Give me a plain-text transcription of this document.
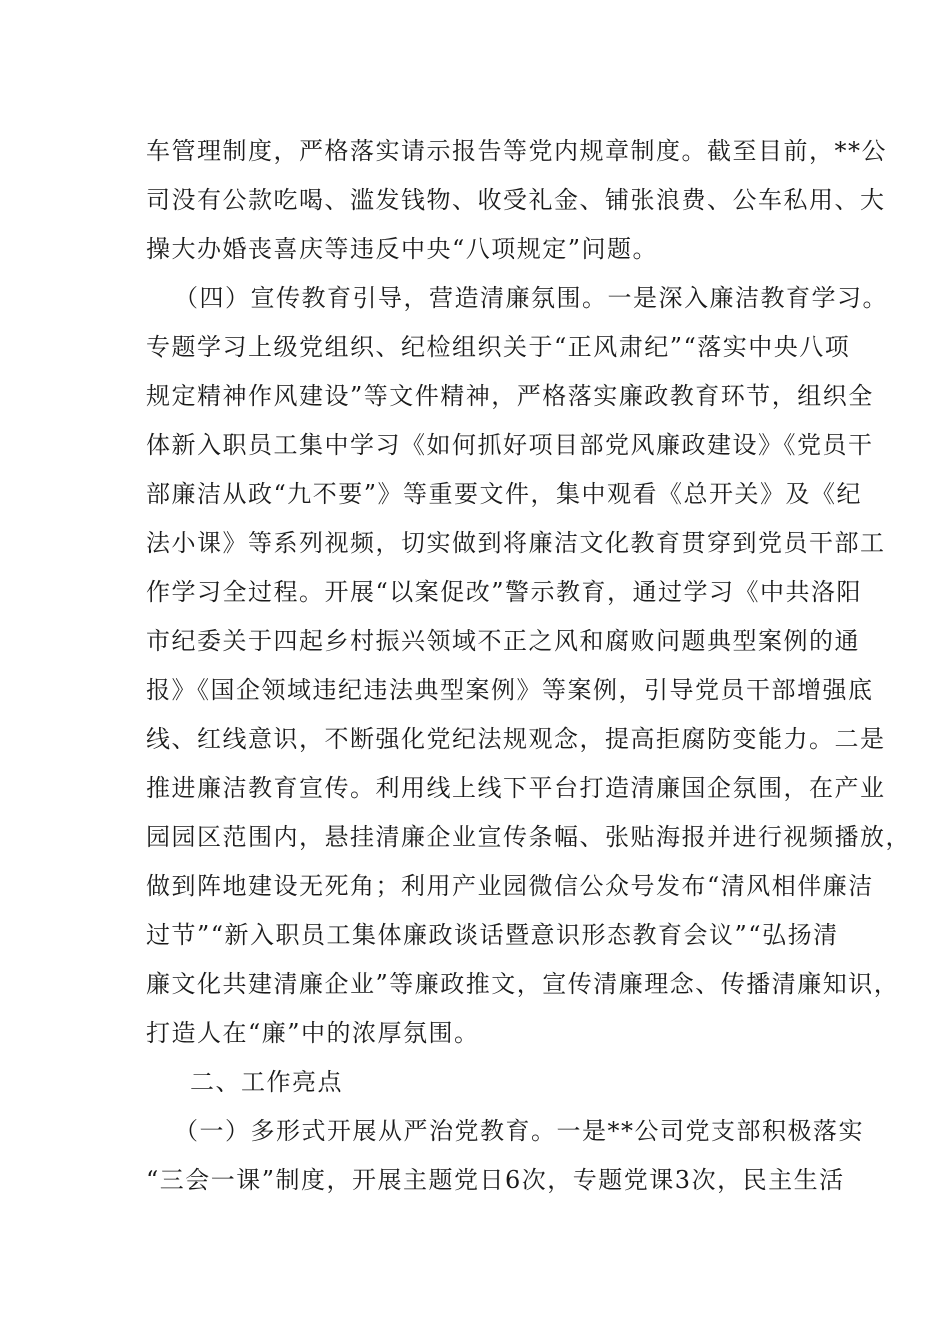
车管理制度，严格落实请示报告等党内规章制度。截至目前，**公
司没有公款吃喝、滥发钱物、收受礼金、铺张浪费、公车私用、大
操大办婚丧喜庆等违反中央“八项规定”问题。
（四）宣传教育引导，营造清廉氛围。一是深入廉洁教育学习。
专题学习上级党组织、纪检组织关于“正风肃纪”“落实中央八项
规定精神作风建设”等文件精神，严格落实廉政教育环节，组织全
体新入职员工集中学习《如何抓好项目部党风廉政建设》《党员干
部廉洁从政“九不要”》等重要文件，集中观看《总开关》及《纪
法小课》等系列视频，切实做到将廉洁文化教育贯穿到党员干部工
作学习全过程。开展“以案促改”警示教育，通过学习《中共洛阳
市纪委关于四起乡村振兴领域不正之风和腐败问题典型案例的通
报》《国企领域违纪违法典型案例》等案例，引导党员干部增强底
线、红线意识，不断强化党纪法规观念，提高拒腐防变能力。二是
推进廉洁教育宣传。利用线上线下平台打造清廉国企氛围，在产业
园园区范围内，悬挂清廉企业宣传条幅、张贴海报并进行视频播放，
做到阵地建设无死角；利用产业园微信公众号发布“清风相伴廉洁
过节”“新入职员工集体廉政谈话暨意识形态教育会议”“弘扬清
廉文化共建清廉企业”等廉政推文，宣传清廉理念、传播清廉知识，
打造人在“廉”中的浓厚氛围。
二、工作亮点
（一）多形式开展从严治党教育。一是**公司党支部积极落实
“三会一课”制度，开展主题党日6次，专题党课3次，民主生活
